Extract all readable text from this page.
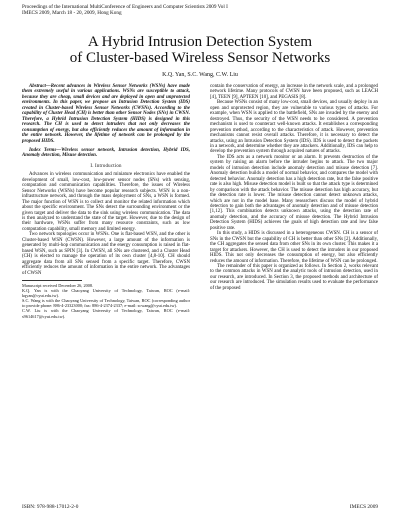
Proceedings of the International MultiConference of Engineers and Computer Scientists 2009 Vol I
IMECS 2009, March 18 - 20, 2009, Hong Kong
A Hybrid Intrusion Detection System
of Cluster-based Wireless Sensor Networks
K.Q. Yan, S.C. Wang, C.W. Liu

Abstract—Recent advances in Wireless Sensor Networks (WSNs) have made them extremely useful in various applications. WSNs are susceptible to attack, because they are cheap, small devices and are deployed in open and unprotected environments. In this paper, we propose an Intrusion Detection System (IDS) created in Cluster-based Wireless Sensor Networks (CWSNs). According to the capability of Cluster Head (CH) is better than other Sensor Nodes (SNs) in CWSN. Therefore, a Hybrid Intrusion Detection System (HIDS) is designed in this research. The CH is used to detect intruders that not only decreases the consumption of energy, but also efficiently reduces the amount of information in the entire network. However, the lifetime of network can be prolonged by the proposed HIDS.

Index Terms—Wireless sensor network, Intrusion detection, Hybrid IDS, Anomaly detection, Misuse detection.

I. Introduction

Advances in wireless communication and miniature electronics have enabled the development of small, low-cost, low-power sensor nodes (SNs) with sensing, computation and communication capabilities. Therefore, the issues of Wireless Sensor Networks (WSNs) have become popular research subjects. WSN is a non-infrastructure network, and through the mass deployment of SNs, a WSN is formed. The major function of WSN is to collect and monitor the related information which about the specific environment. The SNs detect the surrounding environment or the given target and deliver the data to the sink using wireless communication. The data is then analyzed to understand the state of the target. However, due to the design of their hardware, WSNs suffer from many resource constraints, such as low computation capability, small memory and limited energy.

Two network topologies occur in WSNs. One is flat-based WSN, and the other is Cluster-based WSN (CWSN). However, a large amount of the information is generated by multi-hop communication and the energy consumption is raised in flat-based WSN, such as SPIN [3]. In CWSN, all SNs are clustered, and a Cluster Head (CH) is elected to manage the operation of its own cluster [4,8-10]. CH should aggregate data from all SNs sensed from a specific target. Therefore, CWSN efficiently reduces the amount of information in the entire network. The advantages of CWSN

Manuscript received December 26, 2008.

K.Q. Yan is with the Chaoyang University of Technology, Taiwan, ROC (e-mail: kqyan@cyut.edu.tw).

S.C. Wang is with the Chaoyang University of Technology, Taiwan, ROC (corresponding author to provide phone: 886-4-23323000; fax: 886-4-2374-2337; e-mail: scwang@cyut.edu.tw).

C.W. Liu is with the Chaoyang University of Technology, Taiwan, ROC (e-mail: s9614617@cyut.edu.tw).

contain the conservation of energy, an increase in the network scale, and a prolonged network lifetime. Many protocols of CWSN have been proposed, such as LEACH [4], TEEN [9], APTEEN [10], and PEGASIS [8].

Because WSNs consist of many low-cost, small devices, and usually deploy in an open and unprotected region, they are vulnerable to various types of attacks. For example, when WSN is applied to the battlefield, SNs are invaded by the enemy and destroyed. Thus, the security of the WSN needs to be considered. A prevention mechanism is used to counteract well-known attacks. It establishes a corresponding prevention method, according to the characteristics of attack. However, prevention mechanisms cannot resist overall attacks. Therefore, it is necessary to detect the attacks, using an Intrusion Detection System (IDS). IDS is used to detect the packets in a network, and determine whether they are attackers. Additionally, IDS can help to develop the prevention system through acquired natures of attacks.

The IDS acts as a network monitor or an alarm. It prevents destruction of the system by raising an alarm before the intruder begins to attack. The two major models of intrusion detection include anomaly detection and misuse detection [7]. Anomaly detection builds a model of normal behavior, and compares the model with detected behavior. Anomaly detection has a high detection rate, but the false positive rate is also high. Misuse detection model is built so that the attack type is determined by comparison with the attack behavior. The misuse detection has high accuracy, but the detection rate is lower. The misuse detection cannot detect unknown attacks, which are not in the model base. Many researchers discuss the model of hybrid detection to gain both the advantages of anomaly detection and of misuse detection [1,12]. This combination detects unknown attacks, using the detection rate of anomaly detection, and the accuracy of misuse detection. The Hybrid Intrusion Detection System (HIDS) achieves the goals of high detection rate and low false positive rate.

In this study, a HIDS is discussed in a heterogeneous CWSN. CH is a sensor of SNs in the CWSN but the capability of CH is better than other SNs [2]. Additionally, the CH aggregates the sensed data from other SNs in its own cluster. This makes it a target for attackers. However, the CH is used to detect the intruders in our proposed HIDS. This not only decreases the consumption of energy, but also efficiently reduces the amount of information. Therefore, the lifetime of WSN can be prolonged.

The remainder of this paper is organized as follows. In Section 2, works relevant to the common attacks in WSN and the analytic tools of intrusion detection, used in our research, are introduced. In Section 3, the proposed methods and architecture of our research are introduced. The simulation results used to evaluate the performance of the proposed

ISBN: 978-988-17012-2-0	IMECS 2009
